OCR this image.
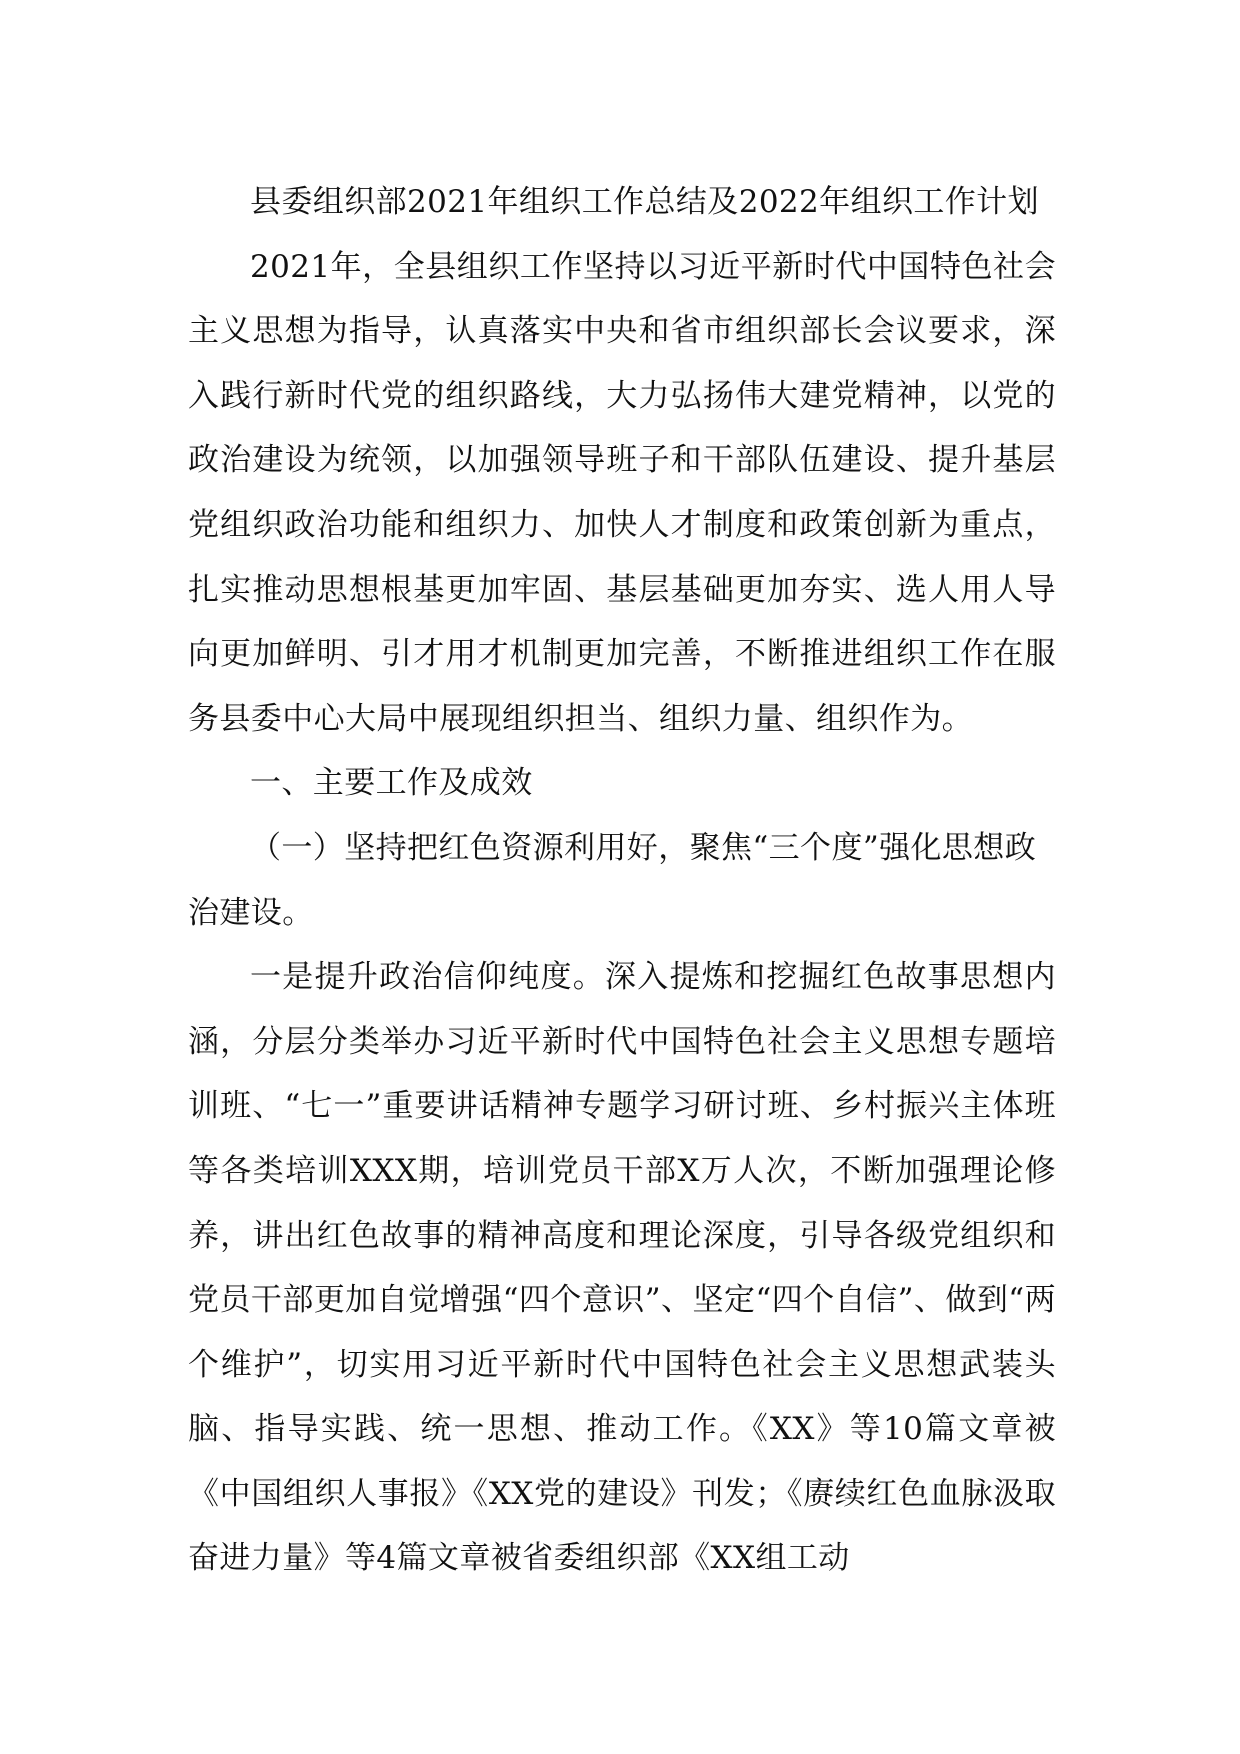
县委组织部2021年组织工作总结及2022年组织工作计划

2021年，全县组织工作坚持以习近平新时代中国特色社会主义思想为指导，认真落实中央和省市组织部长会议要求，深入践行新时代党的组织路线，大力弘扬伟大建党精神，以党的政治建设为统领，以加强领导班子和干部队伍建设、提升基层党组织政治功能和组织力、加快人才制度和政策创新为重点，扎实推动思想根基更加牢固、基层基础更加夯实、选人用人导向更加鲜明、引才用才机制更加完善，不断推进组织工作在服务县委中心大局中展现组织担当、组织力量、组织作为。

一、主要工作及成效
（一）坚持把红色资源利用好，聚焦“三个度”强化思想政治建设。

一是提升政治信仰纯度。深入提炼和挖掘红色故事思想内涵，分层分类举办习近平新时代中国特色社会主义思想专题培训班、“七一”重要讲话精神专题学习研讨班、乡村振兴主体班等各类培训XXX期，培训党员干部X万人次，不断加强理论修养，讲出红色故事的精神高度和理论深度，引导各级党组织和党员干部更加自觉增强“四个意识”、坚定“四个自信”、做到“两个维护”，切实用习近平新时代中国特色社会主义思想武装头脑、指导实践、统一思想、推动工作。《XX》等10篇文章被《中国组织人事报》《XX党的建设》刊发；《赓续红色血脉汲取奋进力量》等4篇文章被省委组织部《XX组工动
